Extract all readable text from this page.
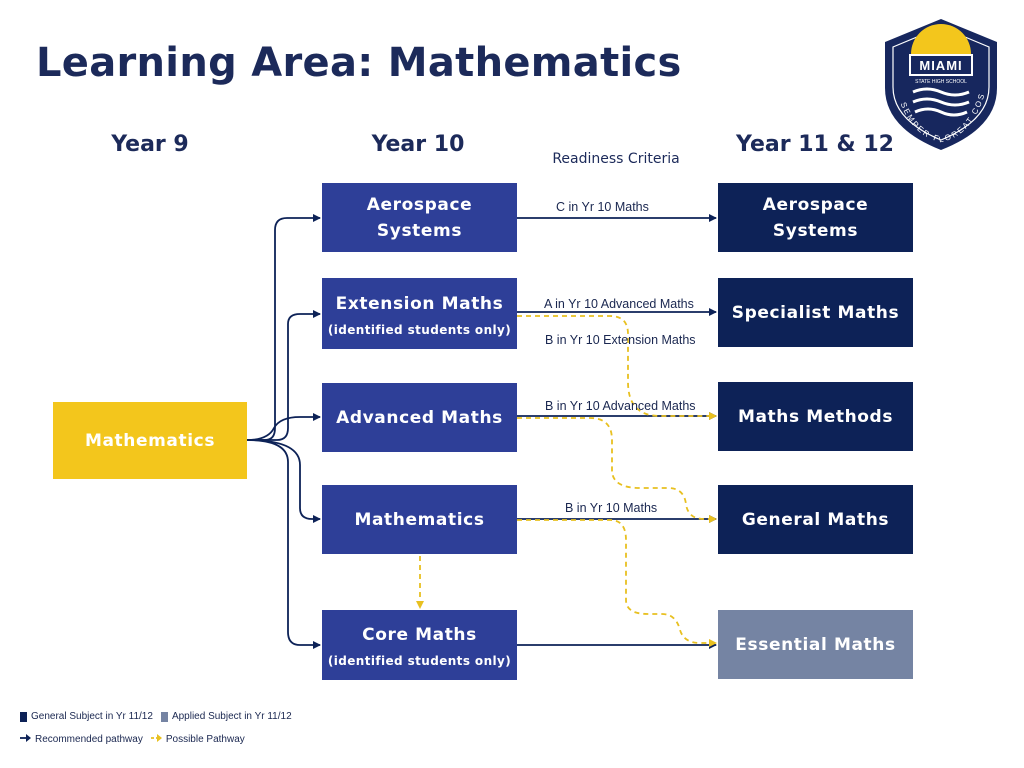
Learning Area: Mathematics	MIAMI
STATE HIGH SCHOOL
SEMPER FLOREAT COS
Year 9	Year 10	Year 11 & 12
Readiness Criteria
Mathematics
Aerospace Systems
Extension Maths
(identified students only)
Advanced Maths
Mathematics
Core Maths
(identified students only)
Aerospace Systems
Specialist Maths
Maths Methods
General Maths
Essential Maths
C in Yr 10 Maths
A in Yr 10 Advanced Maths
B in Yr 10 Extension Maths
B in Yr 10 Advanced Maths
B in Yr 10 Maths
General Subject in Yr 11/12 Applied Subject in Yr 11/12
Recommended pathway Possible Pathway
